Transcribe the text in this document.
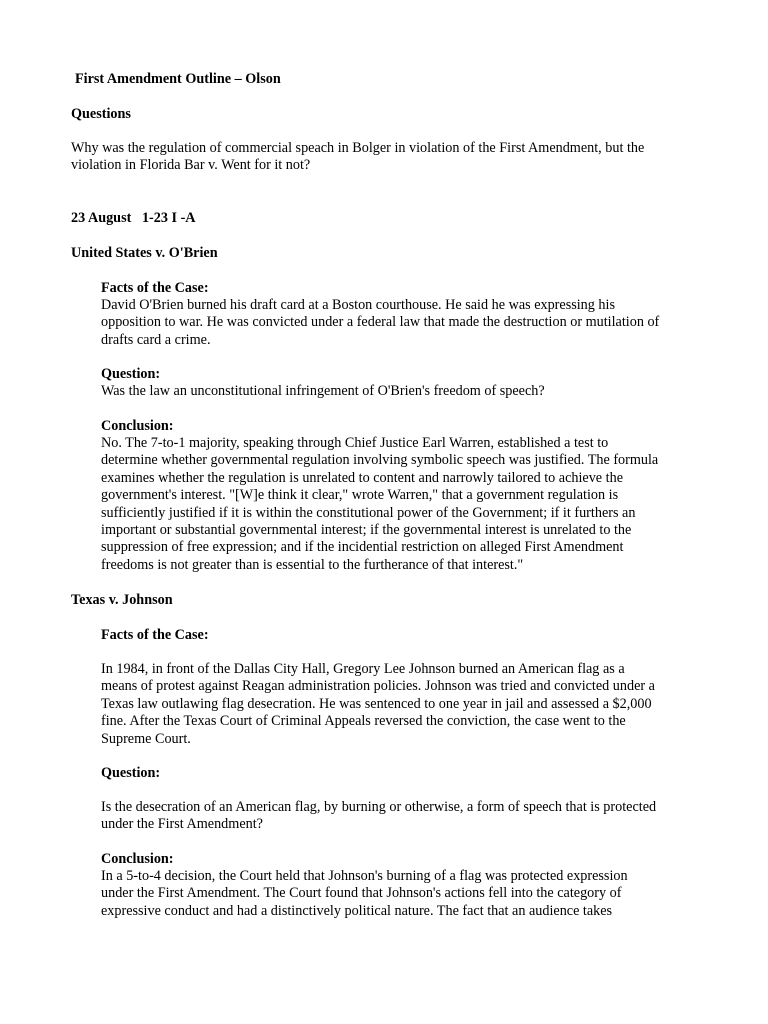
First Amendment Outline – Olson

Questions

Why was the regulation of commercial speach in Bolger in violation of the First Amendment, but the
violation in Florida Bar v. Went for it not?

23 August   1-23 I -A

United States v. O'Brien

Facts of the Case:

David O'Brien burned his draft card at a Boston courthouse. He said he was expressing his
opposition to war. He was convicted under a federal law that made the destruction or mutilation of
drafts card a crime.

Question:

Was the law an unconstitutional infringement of O'Brien's freedom of speech?

Conclusion:

No. The 7-to-1 majority, speaking through Chief Justice Earl Warren, established a test to
determine whether governmental regulation involving symbolic speech was justified. The formula
examines whether the regulation is unrelated to content and narrowly tailored to achieve the
government's interest. "[W]e think it clear," wrote Warren," that a government regulation is
sufficiently justified if it is within the constitutional power of the Government; if it furthers an
important or substantial governmental interest; if the governmental interest is unrelated to the
suppression of free expression; and if the incidential restriction on alleged First Amendment
freedoms is not greater than is essential to the furtherance of that interest."

Texas v. Johnson

Facts of the Case:

In 1984, in front of the Dallas City Hall, Gregory Lee Johnson burned an American flag as a
means of protest against Reagan administration policies. Johnson was tried and convicted under a
Texas law outlawing flag desecration. He was sentenced to one year in jail and assessed a $2,000
fine. After the Texas Court of Criminal Appeals reversed the conviction, the case went to the
Supreme Court.

Question:

Is the desecration of an American flag, by burning or otherwise, a form of speech that is protected
under the First Amendment?

Conclusion:

In a 5-to-4 decision, the Court held that Johnson's burning of a flag was protected expression
under the First Amendment. The Court found that Johnson's actions fell into the category of
expressive conduct and had a distinctively political nature. The fact that an audience takes
